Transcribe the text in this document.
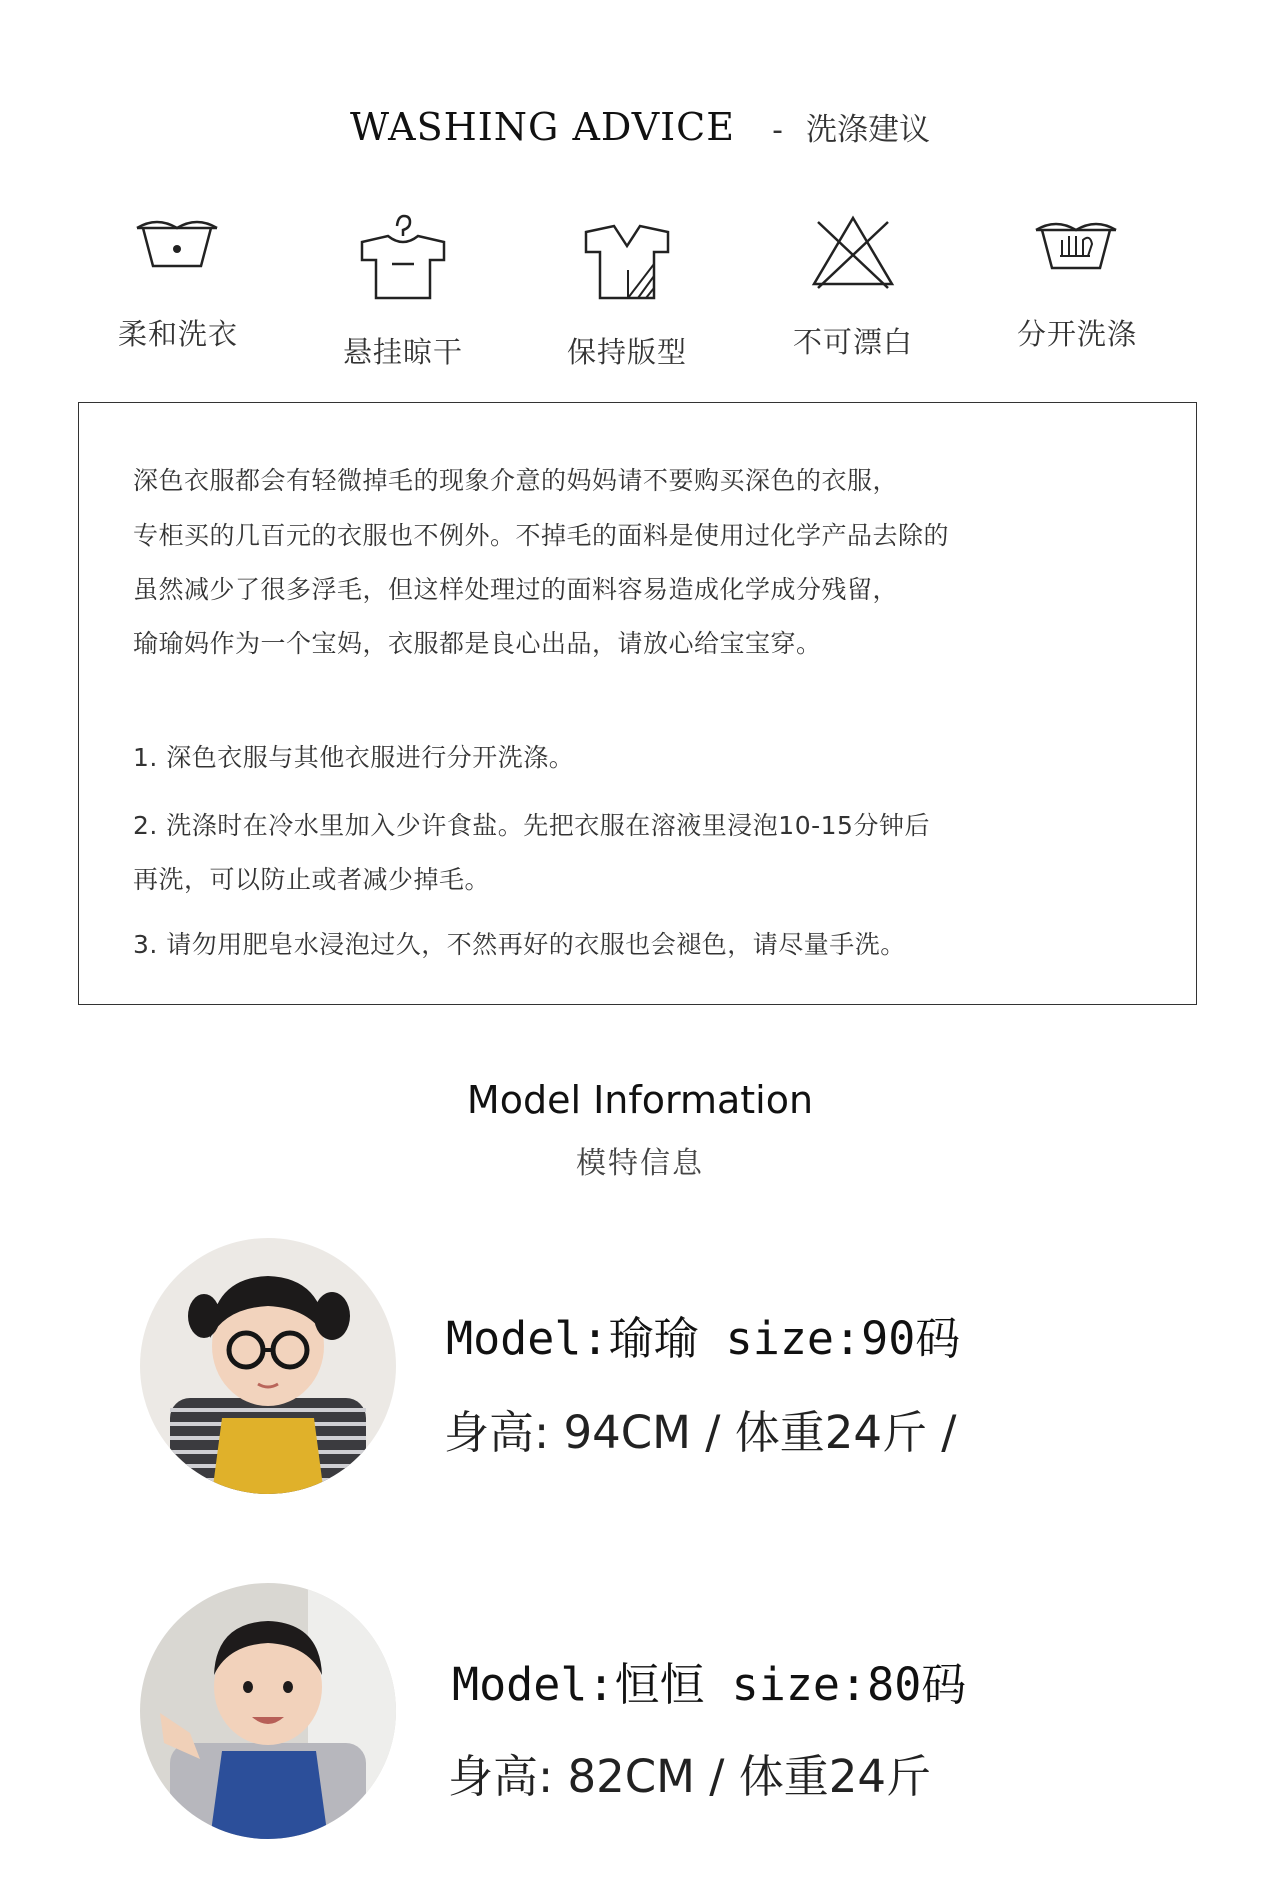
WASHING ADVICE - 洗涤建议
柔和洗衣
悬挂晾干	保持版型	不可漂白	分开洗涤

深色衣服都会有轻微掉毛的现象介意的妈妈请不要购买深色的衣服，

专柜买的几百元的衣服也不例外。不掉毛的面料是使用过化学产品去除的

虽然减少了很多浮毛，但这样处理过的面料容易造成化学成分残留，

瑜瑜妈作为一个宝妈，衣服都是良心出品，请放心给宝宝穿。

1. 深色衣服与其他衣服进行分开洗涤。

2. 洗涤时在冷水里加入少许食盐。先把衣服在溶液里浸泡10-15分钟后

再洗，可以防止或者减少掉毛。

3. 请勿用肥皂水浸泡过久，不然再好的衣服也会褪色，请尽量手洗。

Model Information
模特信息
Model:瑜瑜 size:90码
身高: 94CM / 体重24斤 /
Model:恒恒 size:80码
身高: 82CM / 体重24斤
